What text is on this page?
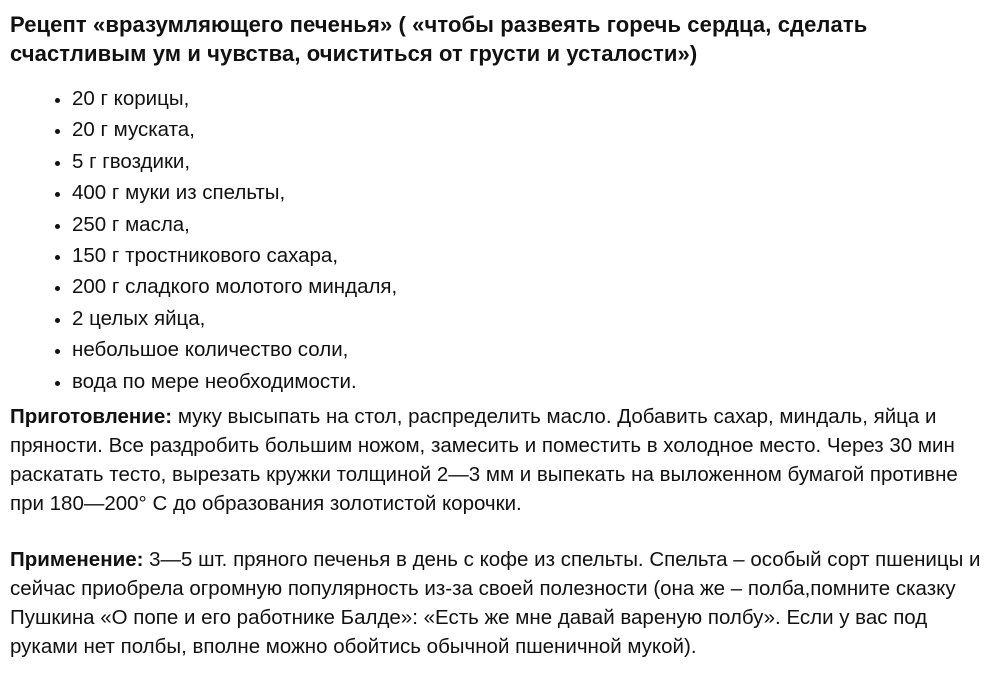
Рецепт «вразумляющего печенья» ( «чтобы развеять горечь сердца, сделать счастливым ум и чувства, очиститься от грусти и усталости»)
• 20 г корицы,
• 20 г муската,
• 5 г гвоздики,
• 400 г муки из спельты,
• 250 г масла,
• 150 г тростникового сахара,
• 200 г сладкого молотого миндаля,
• 2 целых яйца,
• небольшое количество соли,
• вода по мере необходимости.

Приготовление: муку высыпать на стол, распределить масло. Добавить сахар, миндаль, яйца и пряности. Все раздробить большим ножом, замесить и поместить в холодное место. Через 30 мин раскатать тесто, вырезать кружки толщиной 2—3 мм и выпекать на выложенном бумагой противне при 180—200° С до образования золотистой корочки.

Применение: 3—5 шт. пряного печенья в день с кофе из спельты. Спельта – особый сорт пшеницы и сейчас приобрела огромную популярность из-за своей полезности (она же – полба,помните сказку Пушкина «О попе и его работнике Балде»: «Есть же мне давай вареную полбу». Если у вас под руками нет полбы, вполне можно обойтись обычной пшеничной мукой).
